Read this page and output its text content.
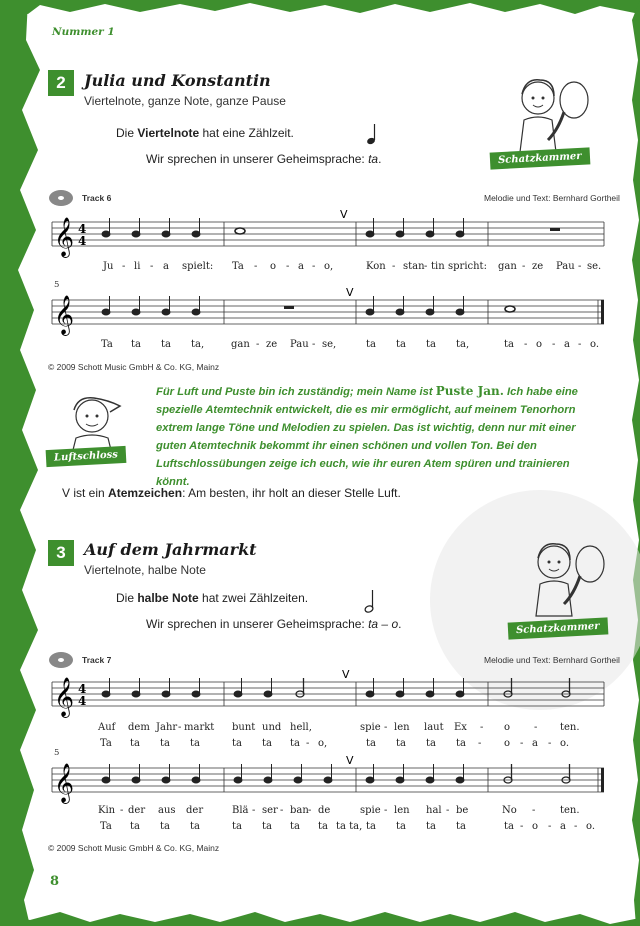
Nummer 1
2	Julia und Konstantin
Viertelnote, ganze Note, ganze Pause
Die Viertelnote hat eine Zählzeit.
Wir sprechen in unserer Geheimsprache: ta.	Schatzkammer
Track 6	Melodie und Text: Bernhard Gortheil
𝄞 4
4
V
Ju - li - a spielt: Ta - o - a - o,	Kon - stan - tin spricht: gan - ze Pau - se.
5
𝄞
V
Ta ta ta ta,	gan - ze Pau - se,	ta ta ta ta,	ta - o - a - o.
© 2009 Schott Music GmbH & Co. KG, Mainz
Luftschloss
Für Luft und Puste bin ich zuständig; mein Name ist Puste Jan. Ich habe eine spezielle Atemtechnik entwickelt, die es mir ermöglicht, auf meinem Tenorhorn extrem lange Töne und Melodien zu spielen. Das ist wichtig, denn nur mit einer guten Atemtechnik bekommt ihr einen schönen und vollen Ton. Bei den Luftschlossübungen zeige ich euch, wie ihr euren Atem spüren und trainieren könnt.
V ist ein Atemzeichen: Am besten, ihr holt an dieser Stelle Luft.
3	Auf dem Jahrmarkt
Viertelnote, halbe Note
Die halbe Note hat zwei Zählzeiten.
Wir sprechen in unserer Geheimsprache: ta – o.	Schatzkammer
Track 7	Melodie und Text: Bernhard Gortheil
𝄞 4
4
V
Auf dem Jahr - markt bunt und hell,	spie - len laut Ex - o - ten.
Ta ta ta ta	ta ta ta - o,	ta ta ta ta - o - a - o.
5
𝄞
V
Kin - der aus der	Blä - ser - ban - de	spie - len hal - be	No - ten.
Ta ta ta ta	ta ta ta ta ta ta, ta ta ta ta	ta - o - a - o.
© 2009 Schott Music GmbH & Co. KG, Mainz
8
